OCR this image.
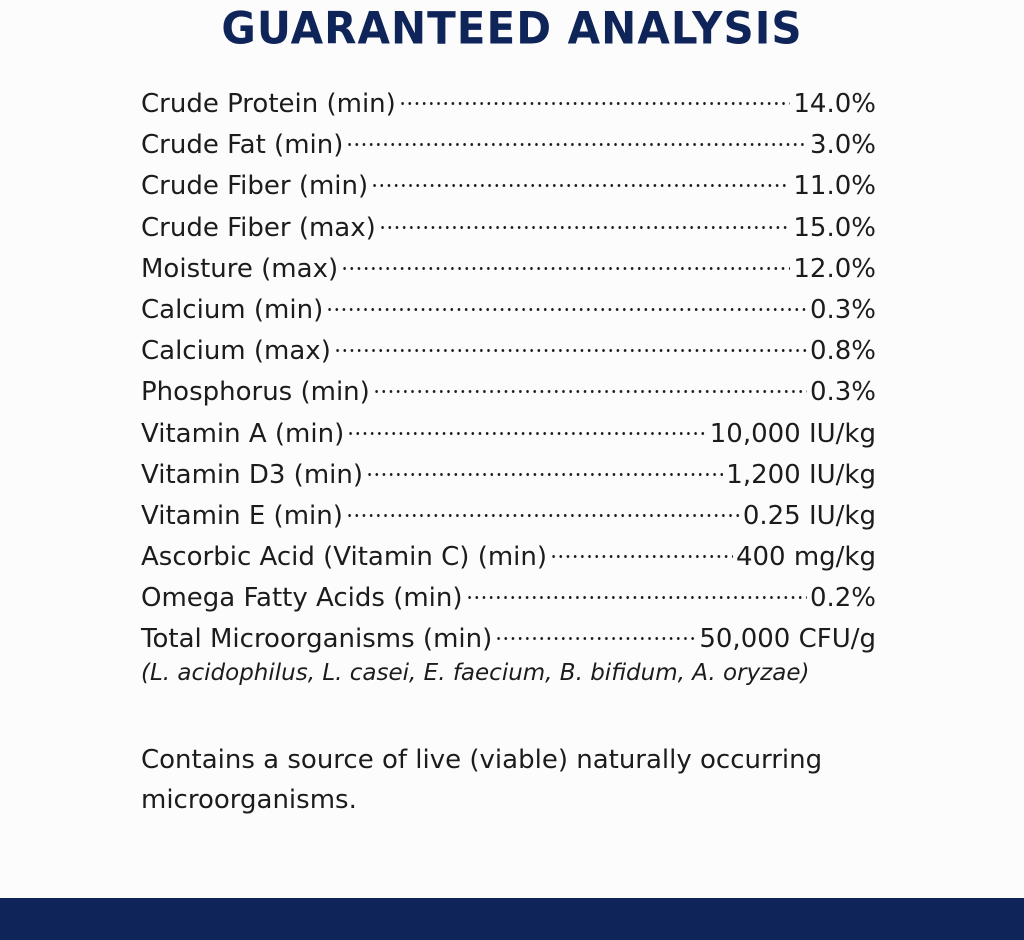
GUARANTEED ANALYSIS
Crude Protein (min)	14.0%
Crude Fat (min)	3.0%
Crude Fiber (min)	11.0%
Crude Fiber (max)	15.0%
Moisture (max)	12.0%
Calcium (min)	0.3%
Calcium (max)	0.8%
Phosphorus (min)	0.3%
Vitamin A (min)	10,000 IU/kg
Vitamin D3 (min)	1,200 IU/kg
Vitamin E (min)	0.25 IU/kg
Ascorbic Acid (Vitamin C) (min)	400 mg/kg
Omega Fatty Acids (min)	0.2%
Total Microorganisms (min)	50,000 CFU/g
(L. acidophilus, L. casei, E. faecium, B. bifidum, A. oryzae)
Contains a source of live (viable) naturally occurring microorganisms.
